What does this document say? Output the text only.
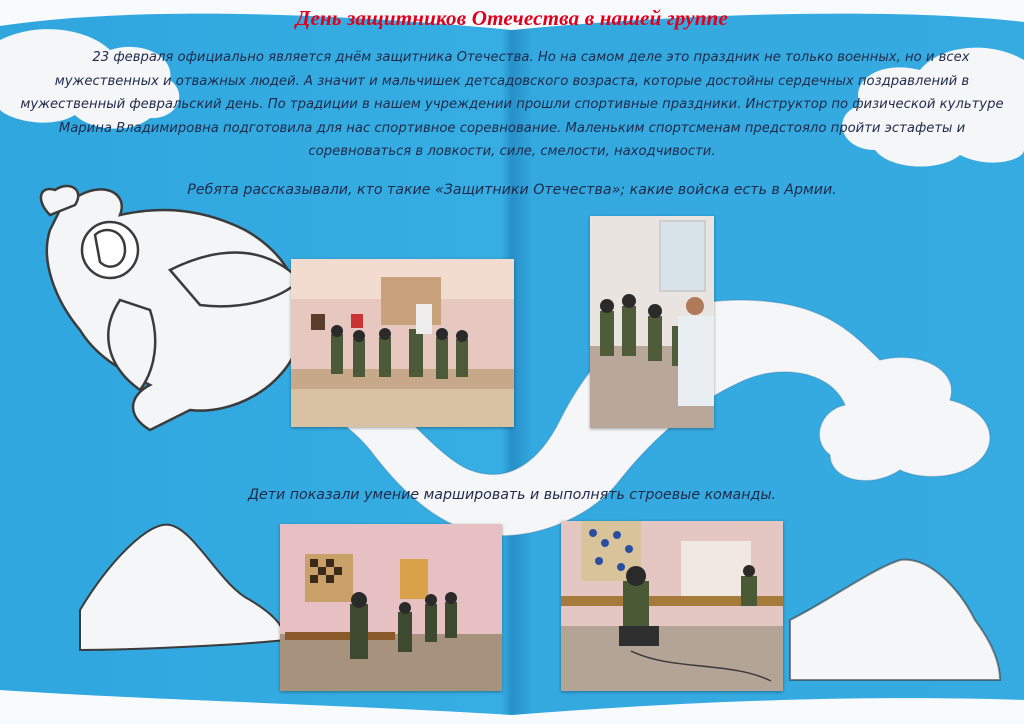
День защитников Отечества в нашей группе
23 февраля официально является днём защитника Отечества. Но на самом деле это праздник не только военных, но и всех мужественных и отважных людей. А значит и мальчишек детсадовского возраста, которые достойны сердечных поздравлений в мужественный февральский день. По традиции в нашем учреждении прошли спортивные праздники. Инструктор по физической культуре Марина Владимировна подготовила для нас спортивное соревнование. Маленьким спортсменам предстояло пройти эстафеты и соревноваться в ловкости, силе, смелости, находчивости.
Ребята рассказывали, кто такие «Защитники Отечества»; какие войска есть в Армии.
Дети показали умение маршировать и выполнять строевые команды.
